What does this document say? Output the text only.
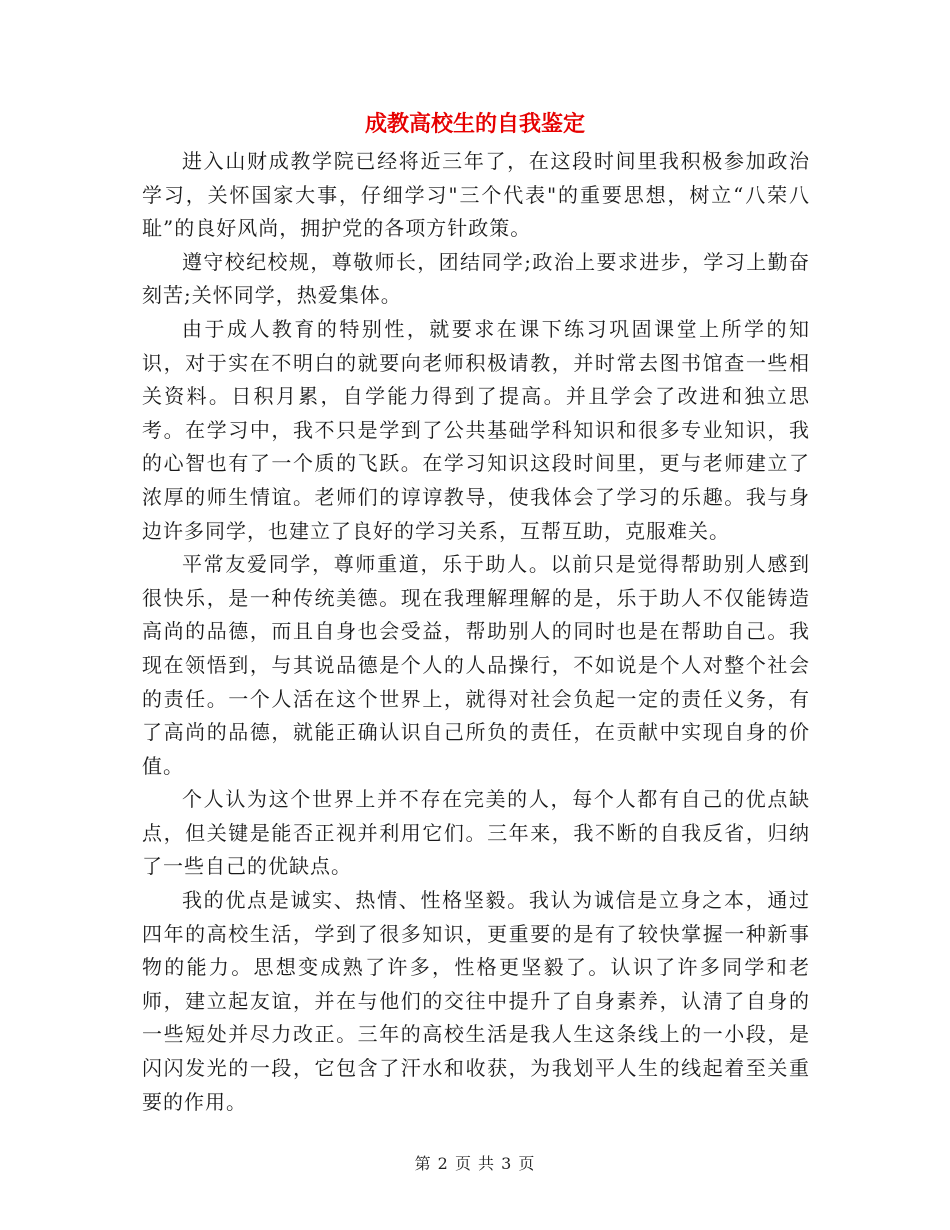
成教高校生的自我鉴定

进入山财成教学院已经将近三年了，在这段时间里我积极参加政治学习，关怀国家大事，仔细学习"三个代表"的重要思想，树立“八荣八耻”的良好风尚，拥护党的各项方针政策。

遵守校纪校规，尊敬师长，团结同学;政治上要求进步，学习上勤奋刻苦;关怀同学，热爱集体。

由于成人教育的特别性，就要求在课下练习巩固课堂上所学的知识，对于实在不明白的就要向老师积极请教，并时常去图书馆查一些相关资料。日积月累，自学能力得到了提高。并且学会了改进和独立思考。在学习中，我不只是学到了公共基础学科知识和很多专业知识，我的心智也有了一个质的飞跃。在学习知识这段时间里，更与老师建立了浓厚的师生情谊。老师们的谆谆教导，使我体会了学习的乐趣。我与身边许多同学，也建立了良好的学习关系，互帮互助，克服难关。

平常友爱同学，尊师重道，乐于助人。以前只是觉得帮助别人感到很快乐，是一种传统美德。现在我理解理解的是，乐于助人不仅能铸造高尚的品德，而且自身也会受益，帮助别人的同时也是在帮助自己。我现在领悟到，与其说品德是个人的人品操行，不如说是个人对整个社会的责任。一个人活在这个世界上，就得对社会负起一定的责任义务，有了高尚的品德，就能正确认识自己所负的责任，在贡献中实现自身的价值。

个人认为这个世界上并不存在完美的人，每个人都有自己的优点缺点，但关键是能否正视并利用它们。三年来，我不断的自我反省，归纳了一些自己的优缺点。

我的优点是诚实、热情、性格坚毅。我认为诚信是立身之本，通过四年的高校生活，学到了很多知识，更重要的是有了较快掌握一种新事物的能力。思想变成熟了许多，性格更坚毅了。认识了许多同学和老师，建立起友谊，并在与他们的交往中提升了自身素养，认清了自身的一些短处并尽力改正。三年的高校生活是我人生这条线上的一小段，是闪闪发光的一段，它包含了汗水和收获，为我划平人生的线起着至关重要的作用。

第 2 页 共 3 页
